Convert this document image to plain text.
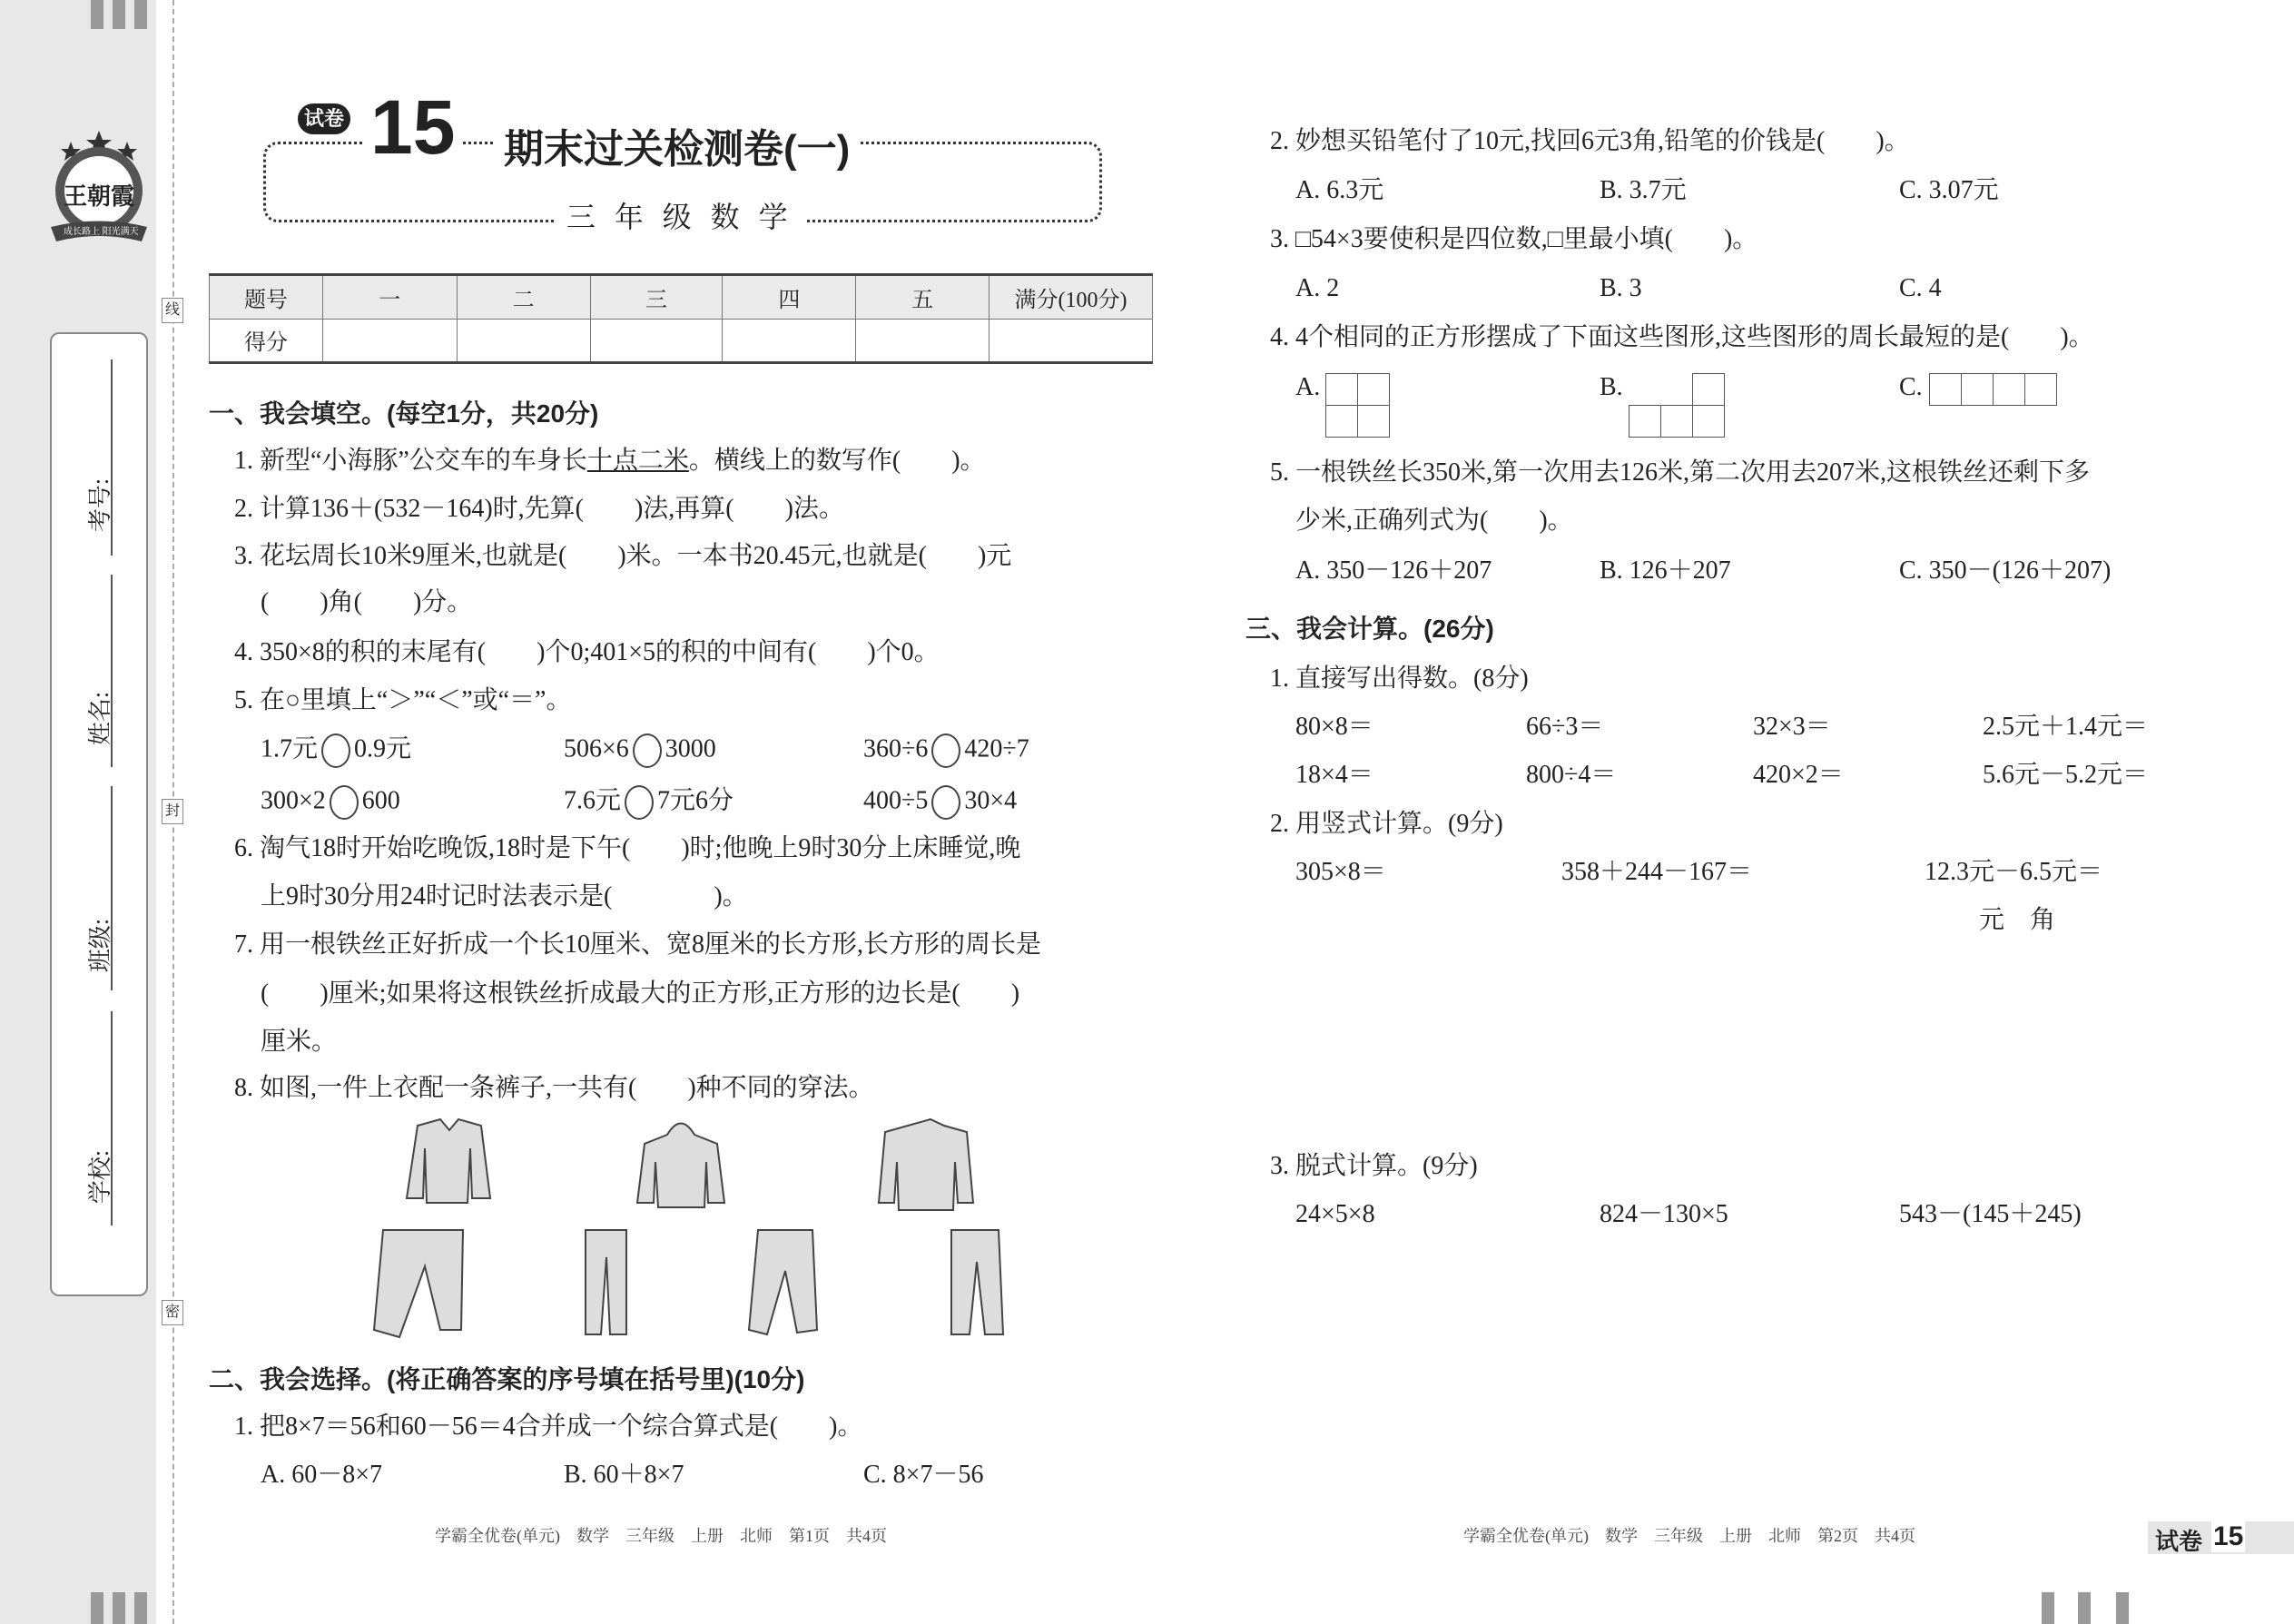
线
封
密
王朝霞
成长路上 阳光满天
考号:
姓名:
班级:
学校:
试卷 15 期末过关检测卷(一)
三 年 级 数 学
题号	一	二	三	四	五	满分(100分)
得分						
一、我会填空。(每空1分，共20分)
1. 新型“小海豚”公交车的车身长十点二米。横线上的数写作(　　)。
2. 计算136＋(532－164)时,先算(　　)法,再算(　　)法。
3. 花坛周长10米9厘米,也就是(　　)米。一本书20.45元,也就是(　　)元
(　　)角(　　)分。
4. 350×8的积的末尾有(　　)个0;401×5的积的中间有(　　)个0。
5. 在○里填上“＞”“＜”或“＝”。
1.7元 0.9元	506×6 3000	360÷6 420÷7
300×2 600	7.6元 7元6分	400÷5 30×4
6. 淘气18时开始吃晚饭,18时是下午(　　)时;他晚上9时30分上床睡觉,晚
上9时30分用24时记时法表示是(　　　　)。
7. 用一根铁丝正好折成一个长10厘米、宽8厘米的长方形,长方形的周长是
(　　)厘米;如果将这根铁丝折成最大的正方形,正方形的边长是(　　)
厘米。
8. 如图,一件上衣配一条裤子,一共有(　　)种不同的穿法。
二、我会选择。(将正确答案的序号填在括号里)(10分)
1. 把8×7＝56和60－56＝4合并成一个综合算式是(　　)。
A. 60－8×7	B. 60＋8×7	C. 8×7－56
2. 妙想买铅笔付了10元,找回6元3角,铅笔的价钱是(　　)。
A. 6.3元	B. 3.7元	C. 3.07元
3. □54×3要使积是四位数,□里最小填(　　)。
A. 2	B. 3	C. 4
4. 4个相同的正方形摆成了下面这些图形,这些图形的周长最短的是(　　)。
A.	B.	C.
5. 一根铁丝长350米,第一次用去126米,第二次用去207米,这根铁丝还剩下多
少米,正确列式为(　　)。
A. 350－126＋207	B. 126＋207	C. 350－(126＋207)
三、我会计算。(26分)
1. 直接写出得数。(8分)
80×8＝	66÷3＝	32×3＝	2.5元＋1.4元＝
18×4＝	800÷4＝	420×2＝	5.6元－5.2元＝
2. 用竖式计算。(9分)
305×8＝	358＋244－167＝	12.3元－6.5元＝
元　角
3. 脱式计算。(9分)
24×5×8	824－130×5	543－(145＋245)
学霸全优卷(单元)　数学　三年级　上册　北师　第1页　共4页	学霸全优卷(单元)　数学　三年级　上册　北师　第2页　共4页	试卷 15
